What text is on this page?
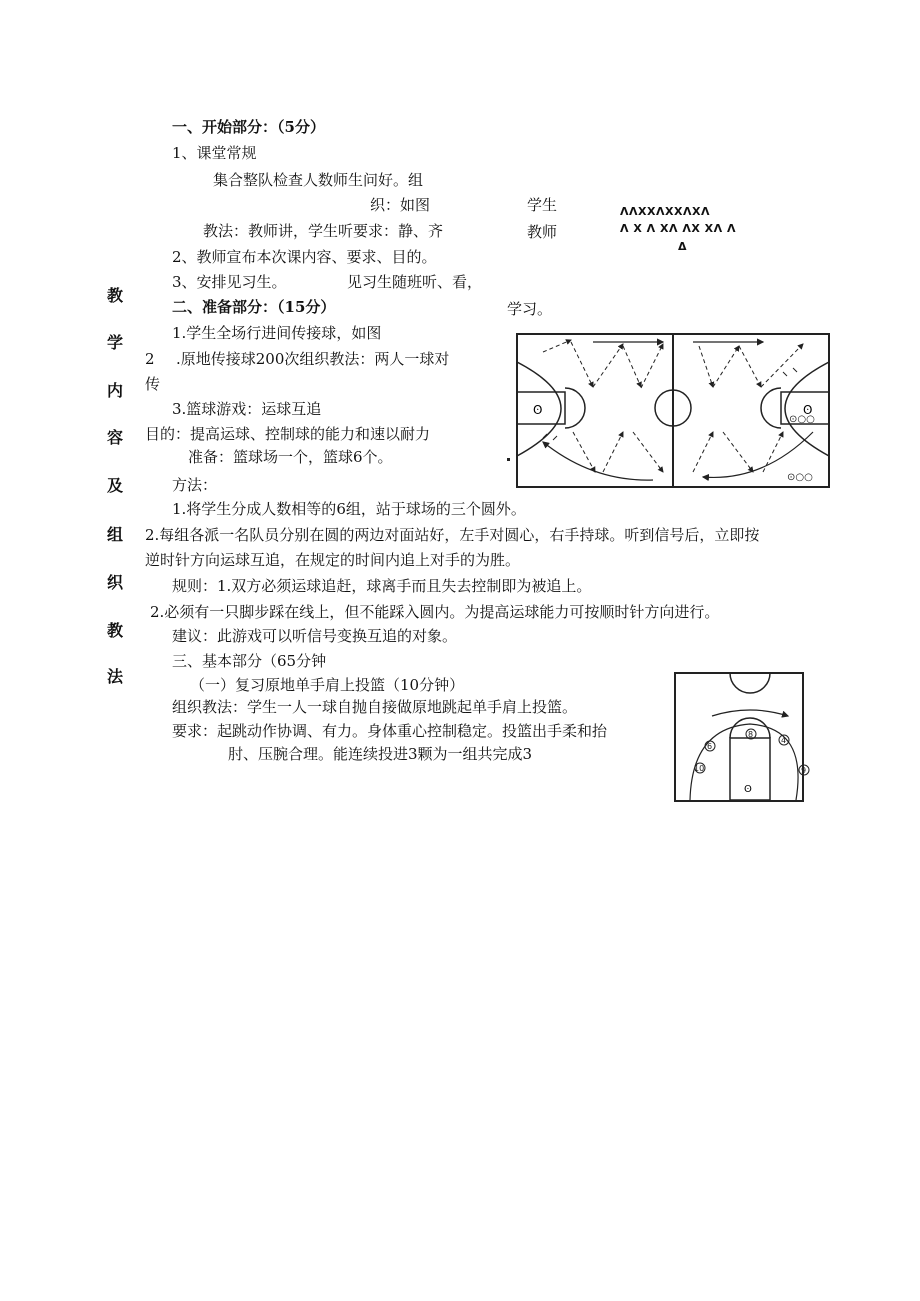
教
学
内
容
及
组
织
教
法
一、开始部分：（5分）
1、课堂常规
集合整队检查人数师生问好。组
织：如图	学生
教法：教师讲，学生听要求：静、齐	教师
ΛΛXXΛXXΛXΛ
Λ X Λ XΛ ΛX XΛ Λ
Δ
2、教师宣布本次课内容、要求、目的。
3、安排见习生。	见习生随班听、看，
二、准备部分：（15分）	学习。
1.学生全场行进间传接球，如图
2 .原地传接球200次组织教法：两人一球对
传
3.篮球游戏：运球互追
目的：提高运球、控制球的能力和速以耐力
准备：篮球场一个，篮球6个。
方法：
1.将学生分成人数相等的6组，站于球场的三个圆外。
2.每组各派一名队员分别在圆的两边对面站好，左手对圆心，右手持球。听到信号后，立即按
逆时针方向运球互追，在规定的时间内追上对手的为胜。
规则：1.双方必须运球追赶，球离手而且失去控制即为被追上。
2.必须有一只脚步踩在线上，但不能踩入圆内。为提高运球能力可按顺时针方向进行。
建议：此游戏可以听信号变换互追的对象。
三、基本部分（65分钟
（一）复习原地单手肩上投篮（10分钟）
组织教法：学生一人一球自抛自接做原地跳起单手肩上投篮。
要求：起跳动作协调、有力。身体重心控制稳定。投篮出手柔和抬
肘、压腕合理。能连续投进3颗为一组共完成3
ʘ	ʘ
⊙○○
⊙○○
ʘ
6
8
4
10	9
